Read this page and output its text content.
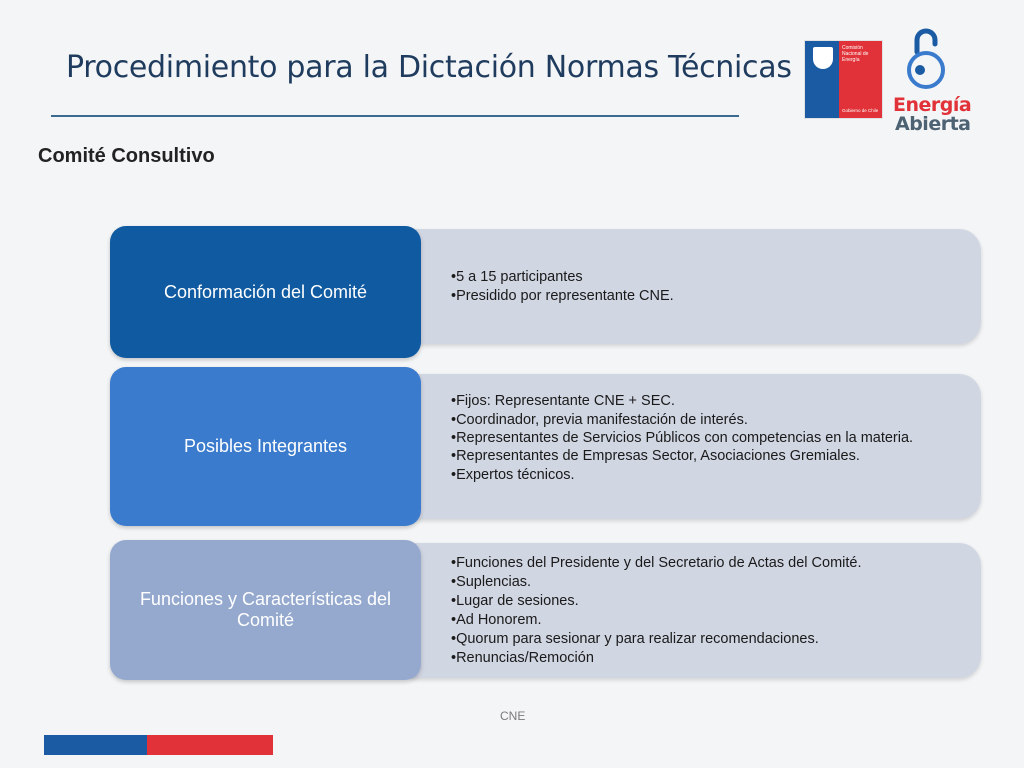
Procedimiento para la Dictación Normas Técnicas
Comité Consultivo
Comisión
Nacional de
Energía
Gobierno de Chile Energía
Abierta
Conformación del Comité
•5 a 15 participantes
•Presidido por representante CNE.
Posibles Integrantes
•Fijos: Representante CNE + SEC.
•Coordinador, previa manifestación de interés.
•Representantes de Servicios Públicos con competencias en la materia.
•Representantes de Empresas Sector, Asociaciones Gremiales.
•Expertos técnicos.
Funciones y Características del Comité
•Funciones del Presidente y del Secretario de Actas del Comité.
•Suplencias.
•Lugar de sesiones.
•Ad Honorem.
•Quorum para sesionar y para realizar recomendaciones.
•Renuncias/Remoción
CNE
